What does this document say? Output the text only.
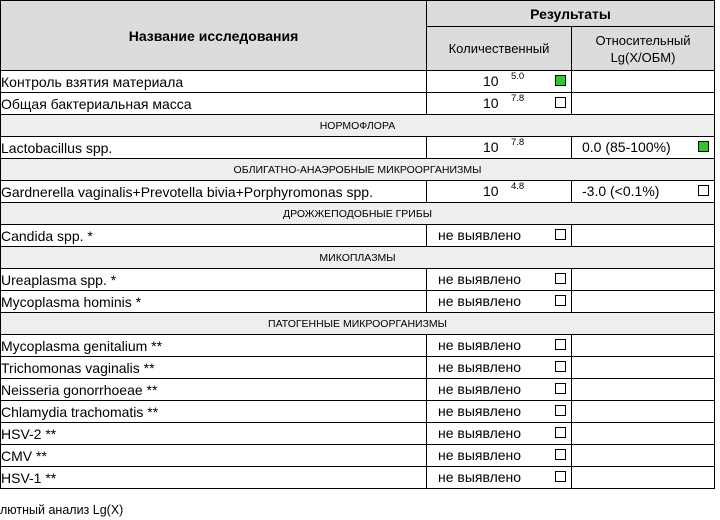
Название исследования	Результаты	
	Количественный	Относительный
Lg(X/ОБМ)
Контроль взятия материала	10 5.0	

Общая бактериальная масса	10 7.8	

НОРМОФЛОРА		
Lactobacillus spp.	10 7.8	0.0 (85-100%)

ОБЛИГАТНО-АНАЭРОБНЫЕ МИКРООРГАНИЗМЫ		
Gardnerella vaginalis+Prevotella bivia+Porphyromonas spp.	10 4.8	-3.0 (<0.1%)

ДРОЖЖЕПОДОБНЫЕ ГРИБЫ		
Candida spp. *	не выявлено	

МИКОПЛАЗМЫ		
Ureaplasma spp. *	не выявлено	

Mycoplasma hominis *	не выявлено	

ПАТОГЕННЫЕ МИКРООРГАНИЗМЫ		
Mycoplasma genitalium **	не выявлено	

Trichomonas vaginalis **	не выявлено	

Neisseria gonorrhoeae **	не выявлено	

Chlamydia trachomatis **	не выявлено	

HSV-2 **	не выявлено	

CMV **	не выявлено	

HSV-1 **	не выявлено	

лютный анализ Lg(X)
